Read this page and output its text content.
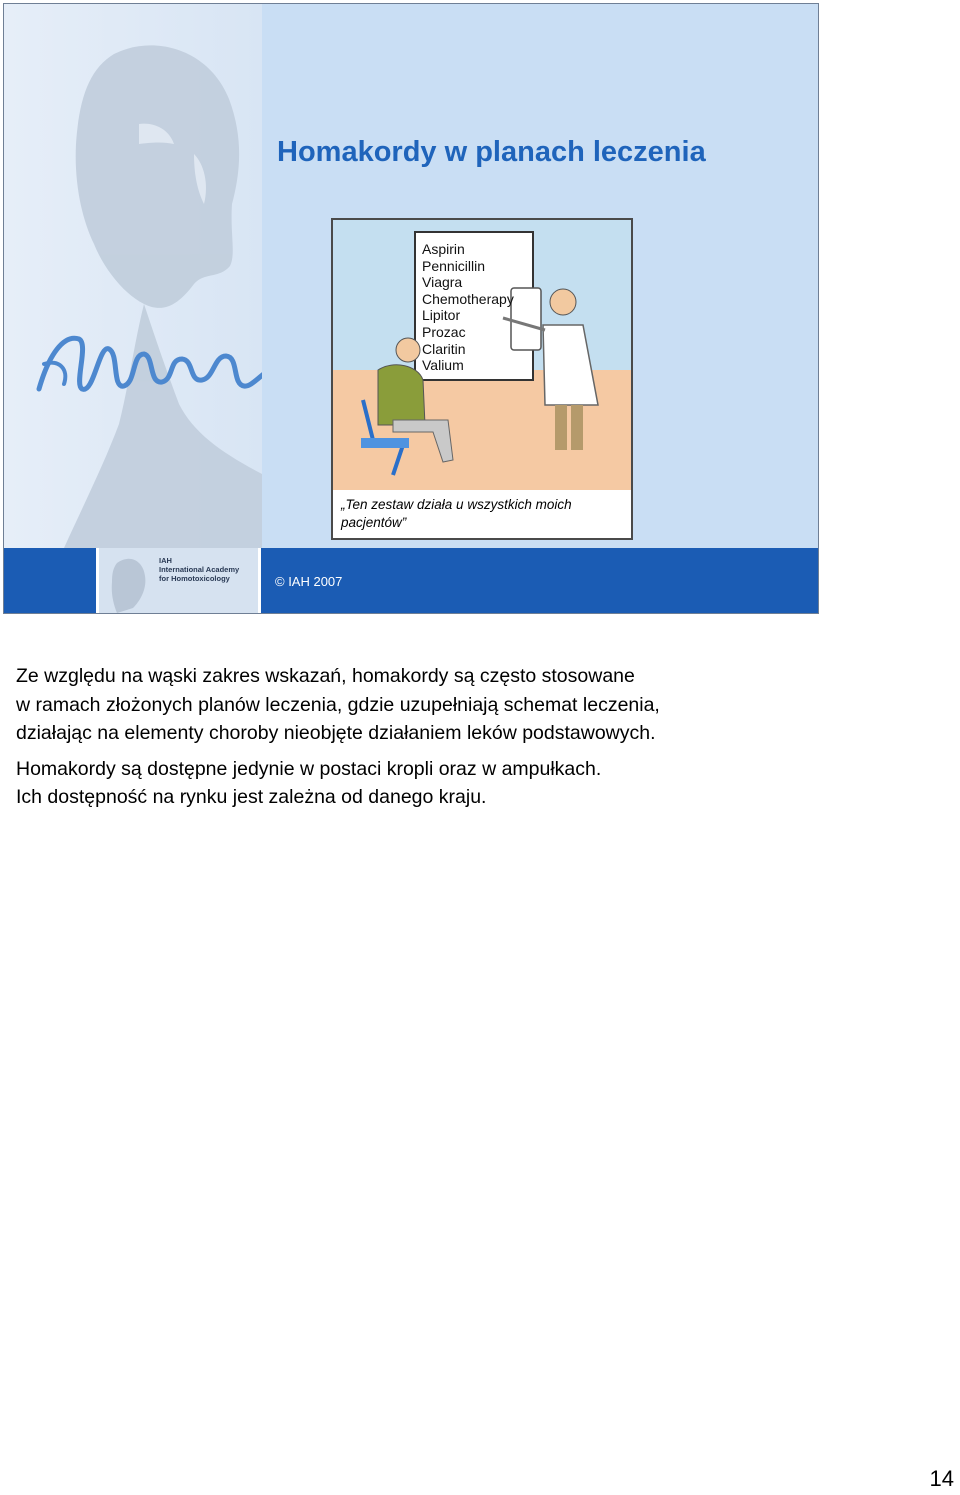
Homakordy w planach leczenia
Aspirin
Pennicillin
Viagra
Chemotherapy
Lipitor
Prozac
Claritin
Valium
„Ten zestaw działa u wszystkich moich pacjentów”
IAH
International Academy
for Homotoxicology	© IAH 2007

Ze względu na wąski zakres wskazań, homakordy są często stosowane
w ramach złożonych planów leczenia, gdzie uzupełniają schemat leczenia,
działając na elementy choroby nieobjęte działaniem leków podstawowych.

Homakordy są dostępne jedynie w postaci kropli oraz w ampułkach.
Ich dostępność na rynku jest zależna od danego kraju.

14
